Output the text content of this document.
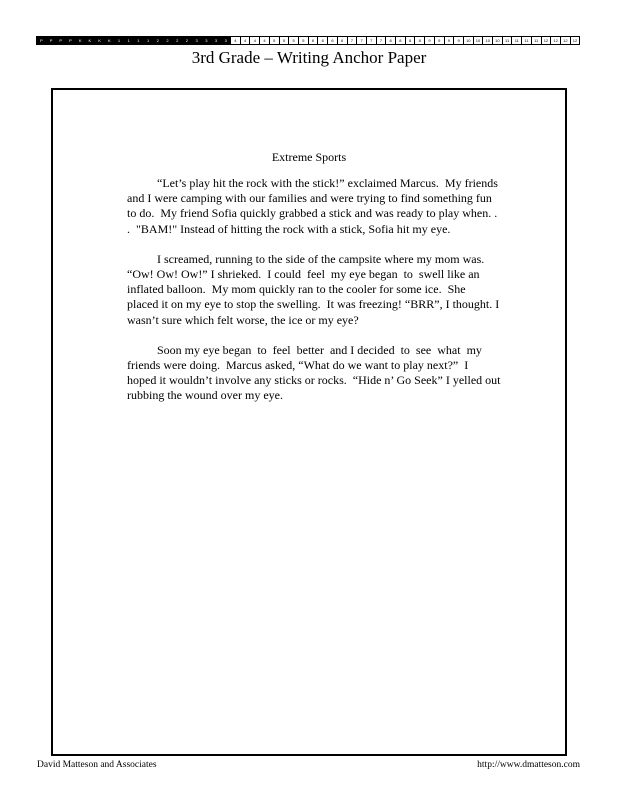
P	P	P	P	K	K	K	K	1	1	1	1	2	2	2	2	3	3	3	3	4	4	4	4	5	5	5	5	6	6	6	6	7	7	7	7	8	8	8	8	9	9	9	9	10	10	10	10	11	11	11	11	12	12	12	12
3rd Grade – Writing Anchor Paper
Extreme Sports
“Let’s play hit the rock with the stick!” exclaimed Marcus.  My friends
and I were camping with our families and were trying to find something fun
to do.  My friend Sofia quickly grabbed a stick and was ready to play when. .
.  "BAM!" Instead of hitting the rock with a stick, Sofia hit my eye.
I screamed, running to the side of the campsite where my mom was.
“Ow! Ow! Ow!” I shrieked.  I could  feel  my eye began  to  swell like an
inflated balloon.  My mom quickly ran to the cooler for some ice.  She
placed it on my eye to stop the swelling.  It was freezing! “BRR”, I thought. I
wasn’t sure which felt worse, the ice or my eye?
Soon my eye began  to  feel  better  and I decided  to  see  what  my
friends were doing.  Marcus asked, “What do we want to play next?”  I
hoped it wouldn’t involve any sticks or rocks.  “Hide n’ Go Seek” I yelled out
rubbing the wound over my eye.
David Matteson and Associates	http://www.dmatteson.com
